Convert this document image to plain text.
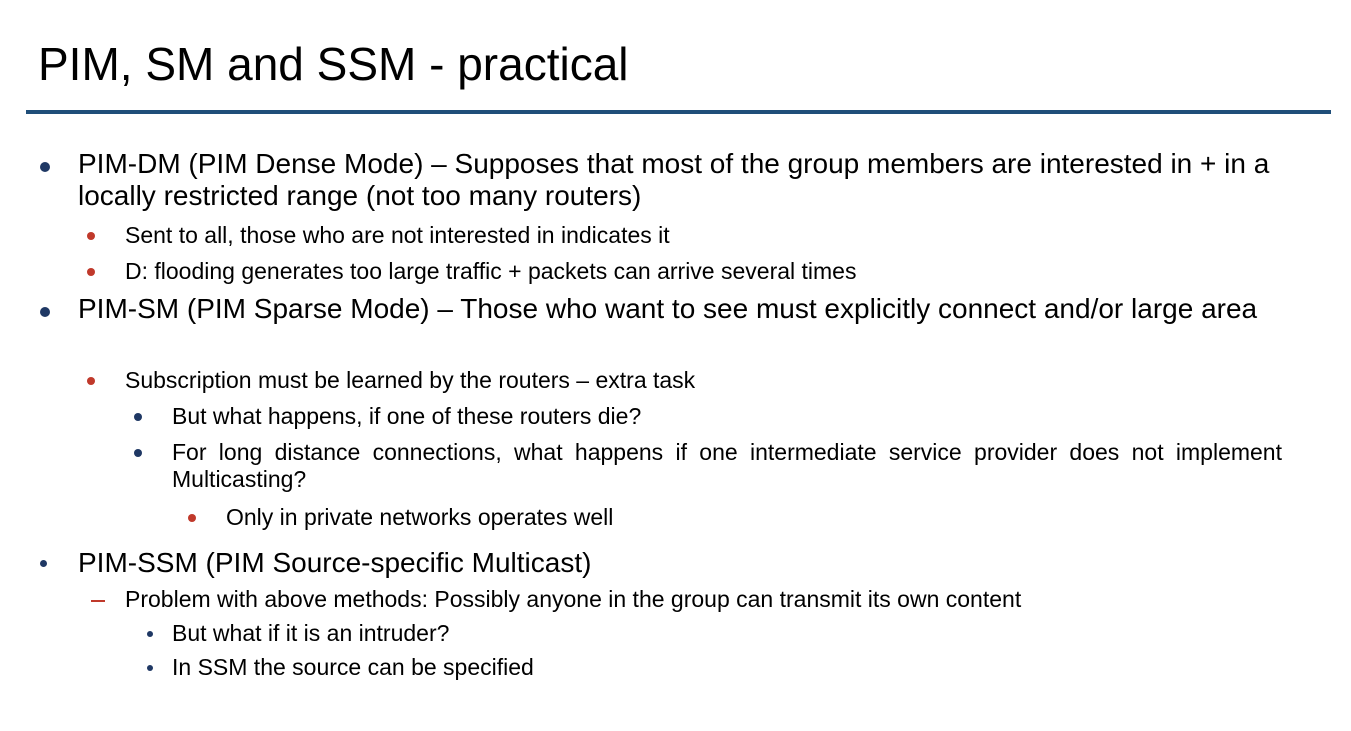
PIM, SM and SSM - practical

PIM-DM (PIM Dense Mode) – Supposes that most of the group members are interested in + in a locally restricted range (not too many routers)

Sent to all, those who are not interested in indicates it

D: flooding generates too large traffic + packets can arrive several times

PIM-SM (PIM Sparse Mode) – Those who want to see must explicitly connect and/or large area

Subscription must be learned by the routers – extra task

But what happens, if one of these routers die?

For long distance connections, what happens if one intermediate service provider does not implement Multicasting?

Only in private networks operates well

PIM-SSM (PIM Source-specific Multicast)

Problem with above methods: Possibly anyone in the group can transmit its own content

But what if it is an intruder?

In SSM the source can be specified
